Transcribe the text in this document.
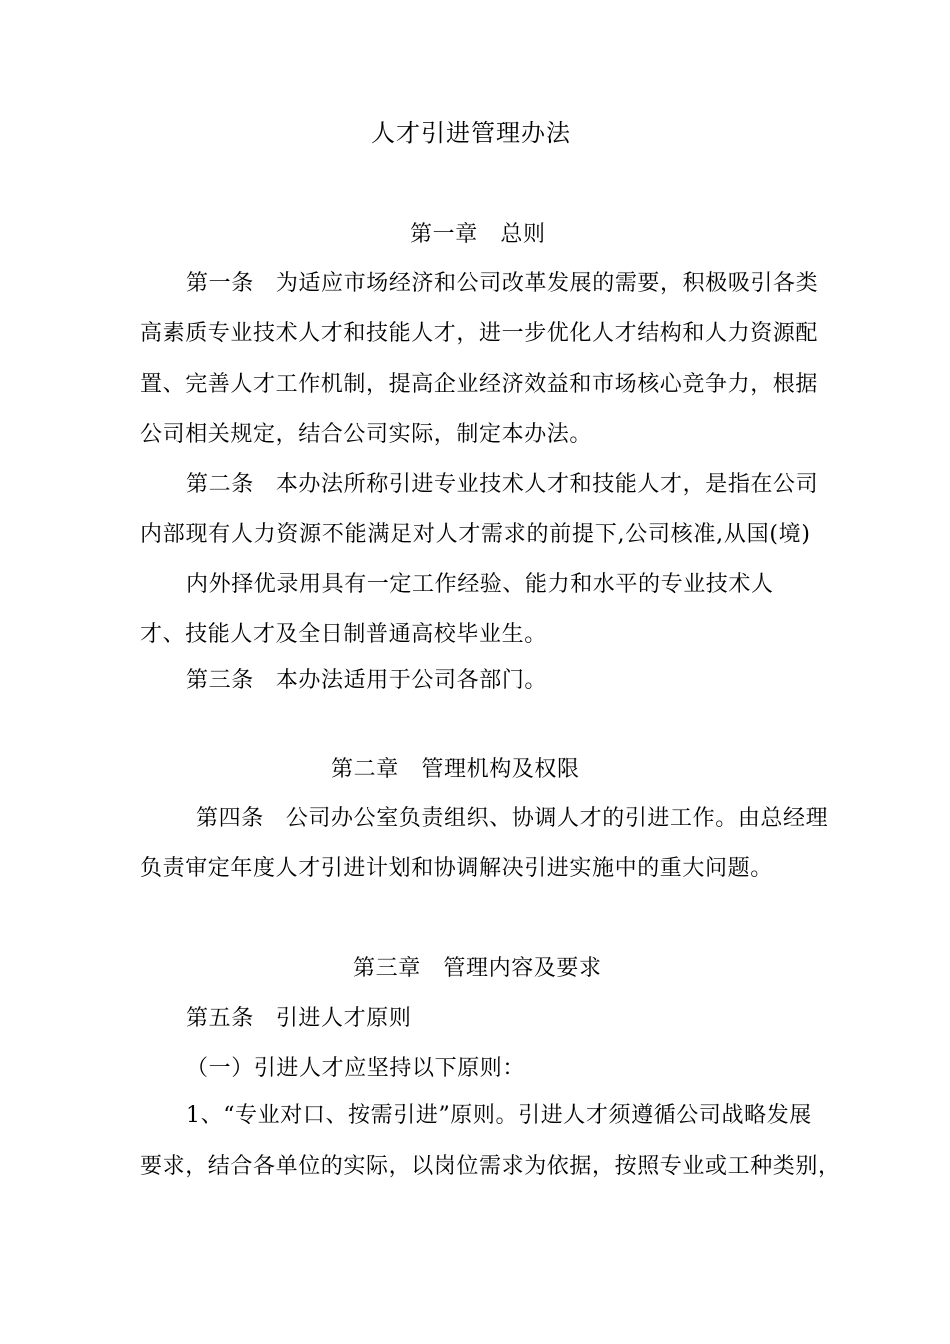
人才引进管理办法
第一章　总则
第一条 为适应市场经济和公司改革发展的需要，积极吸引各类
高素质专业技术人才和技能人才，进一步优化人才结构和人力资源配
置、完善人才工作机制，提高企业经济效益和市场核心竞争力，根据
公司相关规定，结合公司实际，制定本办法。
第二条 本办法所称引进专业技术人才和技能人才，是指在公司
内部现有人力资源不能满足对人才需求的前提下,公司核准,从国(境)
内外择优录用具有一定工作经验、能力和水平的专业技术人
才、技能人才及全日制普通高校毕业生。
第三条 本办法适用于公司各部门。
第二章　管理机构及权限
第四条 公司办公室负责组织、协调人才的引进工作。由总经理
负责审定年度人才引进计划和协调解决引进实施中的重大问题。
第三章　管理内容及要求
第五条 引进人才原则
（一）引进人才应坚持以下原则：
1、“专业对口、按需引进”原则。引进人才须遵循公司战略发展
要求，结合各单位的实际，以岗位需求为依据，按照专业或工种类别，
